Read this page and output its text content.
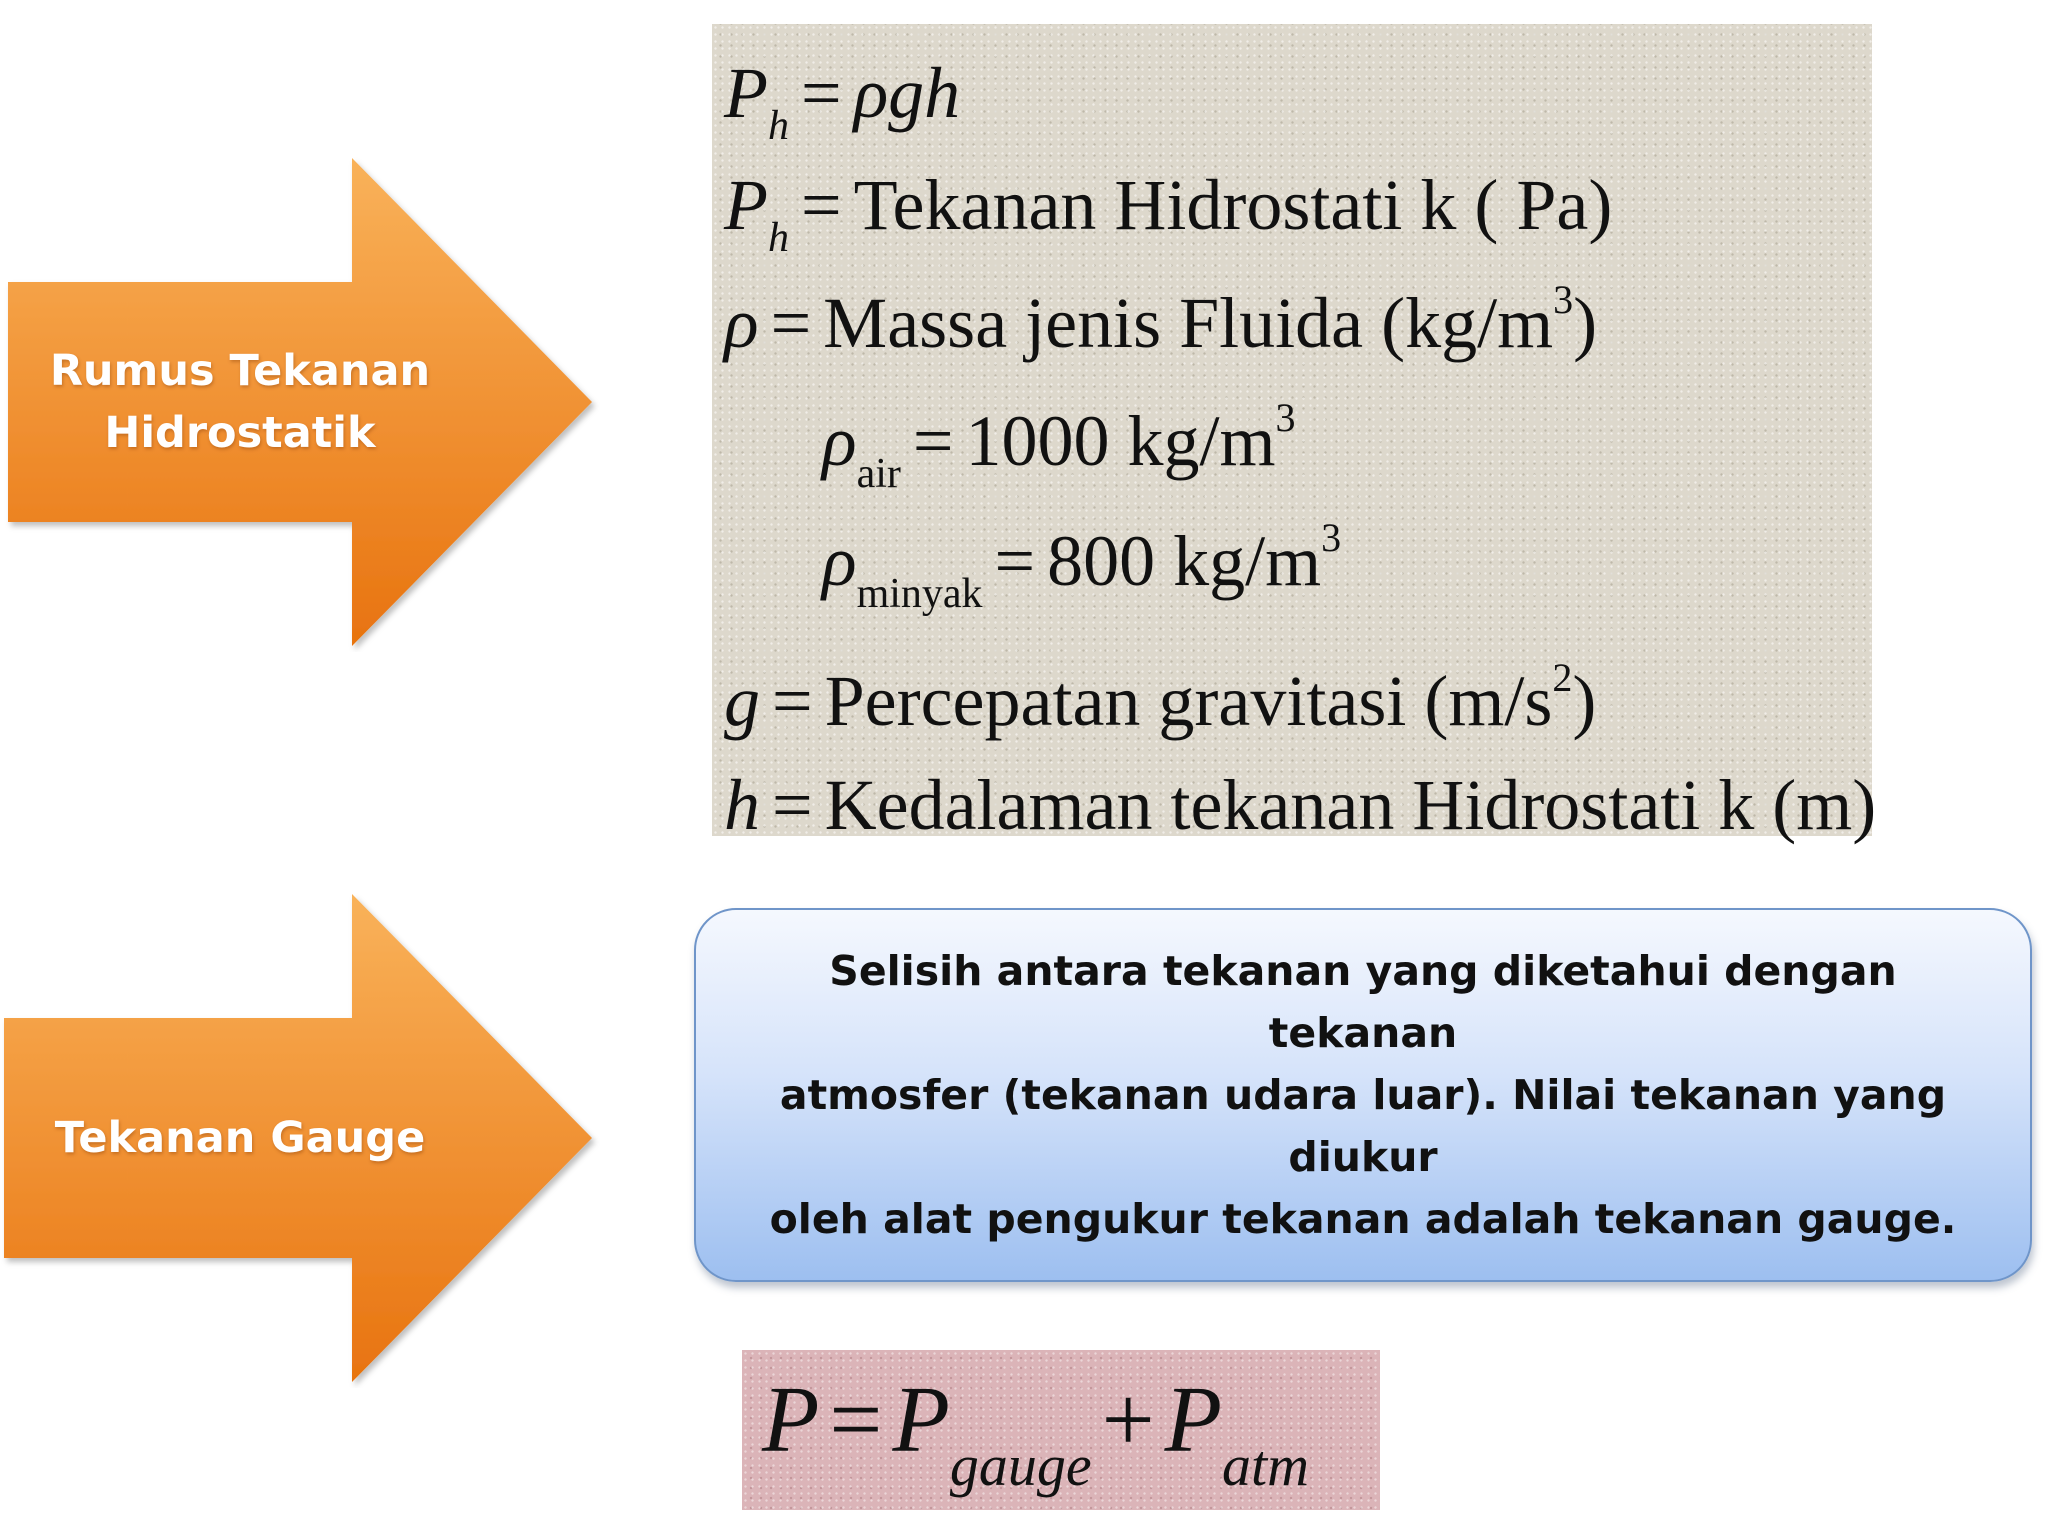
Rumus Tekanan
Hidrostatik
Tekanan Gauge
$P_h = \rho gh$
$P_h$ = Tekanan Hidrostati k ( Pa)
ρ = Massa jenis Fluida $(kg/m^3)$
$\rho_{air} = 1000$ $kg/m^3$
$\rho_{minyak} = 800$ $kg/m^3$
g = Percepatan gravitasi $(m/s^2)$
h = Kedalaman tekanan Hidrostati k (m)
Selisih antara tekanan yang diketahui dengan tekanan
atmosfer (tekanan udara luar). Nilai tekanan yang diukur
oleh alat pengukur tekanan adalah tekanan gauge.
$P = P_{gauge} + P_{atm}$
